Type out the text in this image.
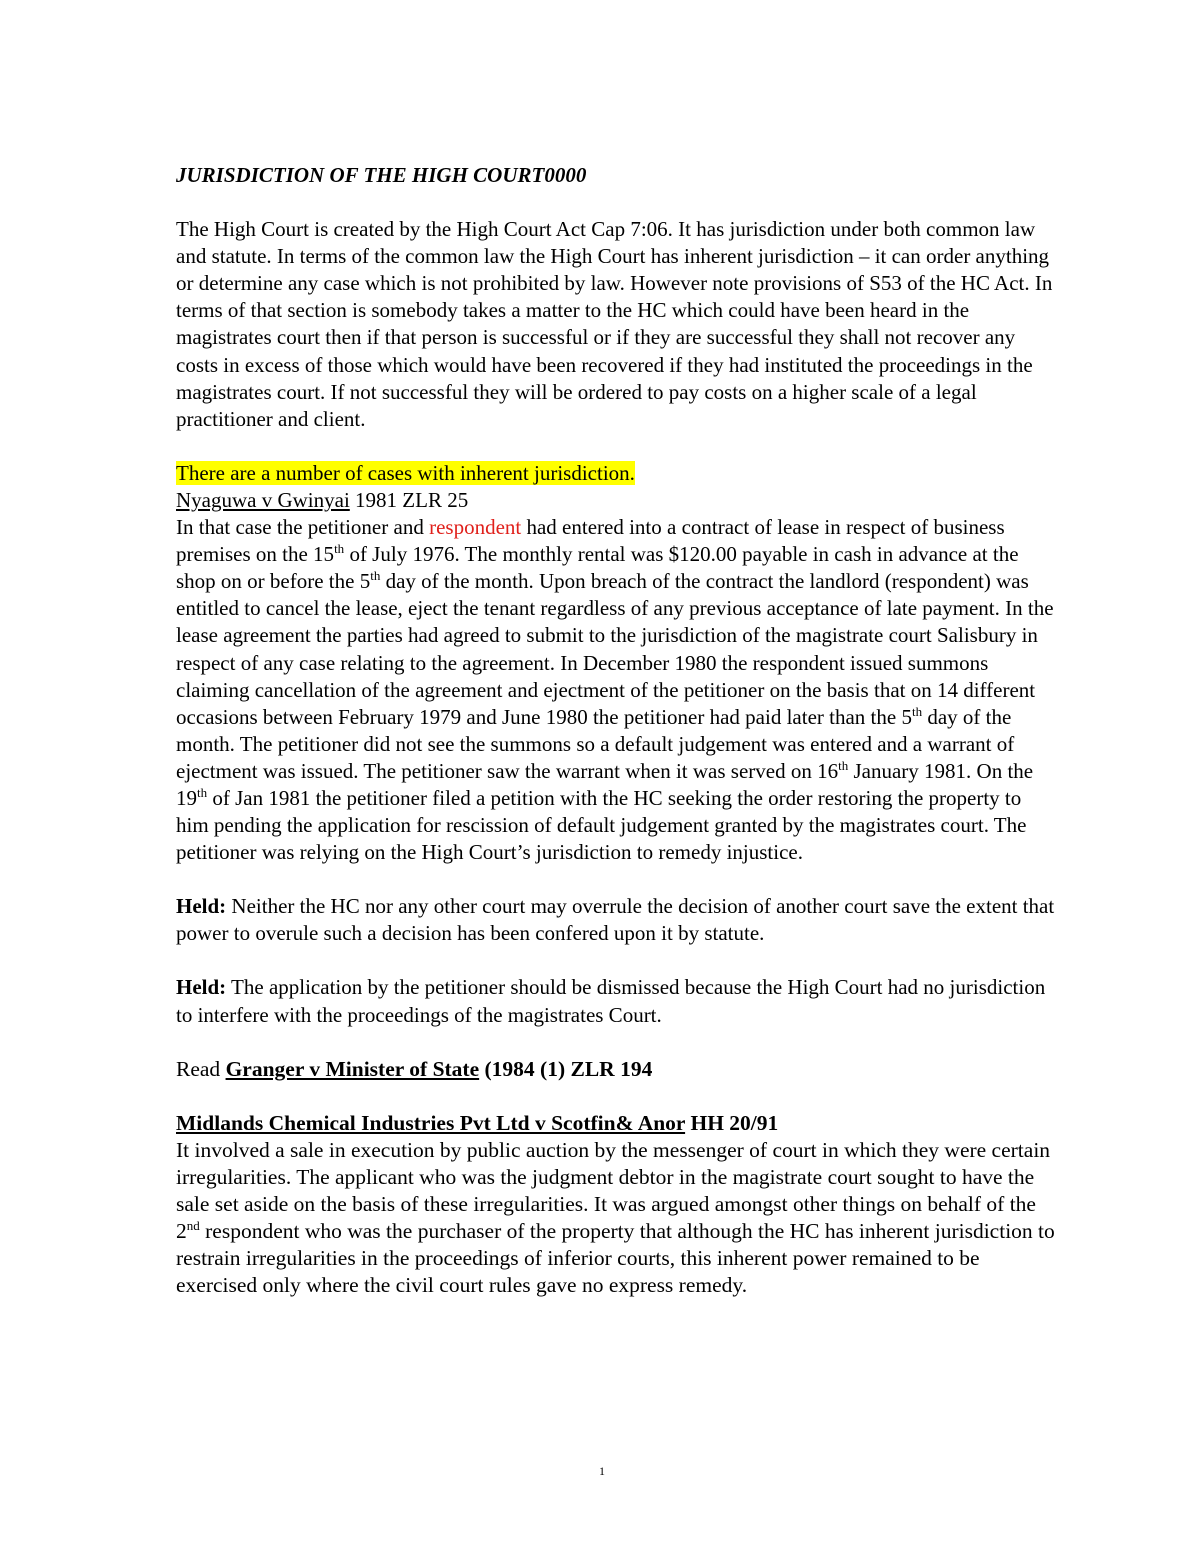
JURISDICTION OF THE HIGH COURT0000

The High Court is created by the High Court Act Cap 7:06. It has jurisdiction under both common law and statute. In terms of the common law the High Court has inherent jurisdiction – it can order anything or determine any case which is not prohibited by law. However note provisions of S53 of the HC Act. In terms of that section is somebody takes a matter to the HC which could have been heard in the magistrates court then if that person is successful or if they are successful they shall not recover any costs in excess of those which would have been recovered if they had instituted the proceedings in the magistrates court. If not successful they will be ordered to pay costs on a higher scale of a legal practitioner and client.

There are a number of cases with inherent jurisdiction.

Nyaguwa v Gwinyai 1981 ZLR 25

In that case the petitioner and respondent had entered into a contract of lease in respect of business premises on the 15th of July 1976. The monthly rental was $120.00 payable in cash in advance at the shop on or before the 5th day of the month. Upon breach of the contract the landlord (respondent) was entitled to cancel the lease, eject the tenant regardless of any previous acceptance of late payment. In the lease agreement the parties had agreed to submit to the jurisdiction of the magistrate court Salisbury in respect of any case relating to the agreement. In December 1980 the respondent issued summons claiming cancellation of the agreement and ejectment of the petitioner on the basis that on 14 different occasions between February 1979 and June 1980 the petitioner had paid later than the 5th day of the month. The petitioner did not see the summons so a default judgement was entered and a warrant of ejectment was issued. The petitioner saw the warrant when it was served on 16th January 1981. On the 19th of Jan 1981 the petitioner filed a petition with the HC seeking the order restoring the property to him pending the application for rescission of default judgement granted by the magistrates court. The petitioner was relying on the High Court’s jurisdiction to remedy injustice.

Held: Neither the HC nor any other court may overrule the decision of another court save the extent that power to overule such a decision has been confered upon it by statute.

Held: The application by the petitioner should be dismissed because the High Court had no jurisdiction to interfere with the proceedings of the magistrates Court.

Read Granger v Minister of State (1984 (1) ZLR 194

Midlands Chemical Industries Pvt Ltd v Scotfin& Anor HH 20/91

It involved a sale in execution by public auction by the messenger of court in which they were certain irregularities. The applicant who was the judgment debtor in the magistrate court sought to have the sale set aside on the basis of these irregularities. It was argued amongst other things on behalf of the 2nd respondent who was the purchaser of the property that although the HC has inherent jurisdiction to restrain irregularities in the proceedings of inferior courts, this inherent power remained to be exercised only where the civil court rules gave no express remedy.

1
